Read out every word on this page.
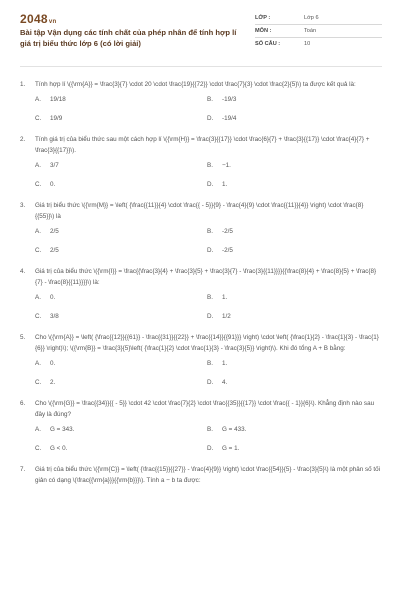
2048vn
Bài tập Vận dụng các tính chất của phép nhân để tính hợp lí giá trị biểu thức lớp 6 (có lời giải)
LỚP :	Lớp 6
MÔN :	Toán
SỐ CÂU :	10
1.	Tính hợp lí \({\rm{A}} = \frac{3}{7} \cdot 20 \cdot \frac{19}{{72}} \cdot \frac{7}{3} \cdot \frac{2}{5}\) ta được kết quả là:
A. 19/18	B. -19/3
C. 19/9	D. -19/4
2.	Tính giá trị của biểu thức sau một cách hợp lí \({\rm{H}} = \frac{3}{{17}} \cdot \frac{6}{7} + \frac{3}{{17}} \cdot \frac{4}{7} + \frac{3}{{17}}\).
A. 3/7	B. −1.
C. 0.	D. 1.
3.	Giá trị biểu thức \({\rm{M}} = \left( {\frac{{11}}{4} \cdot \frac{{ - 5}}{9} - \frac{4}{9} \cdot \frac{{11}}{4}} \right) \cdot \frac{8}{{55}}\) là
A. 2/5	B. -2/5
C. 2/5	D. -2/5
4.	Giá trị của biểu thức \({\rm{I}} = \frac{{\frac{3}{4} + \frac{3}{5} + \frac{3}{7} - \frac{3}{{11}}}}{{\frac{8}{4} + \frac{8}{5} + \frac{8}{7} - \frac{8}{{11}}}}\) là:
A. 0.	B. 1.
C. 3/8	D. 1/2
5.	Cho \({\rm{A}} = \left( {\frac{{12}}{{61}} - \frac{{31}}{{22}} + \frac{{14}}{{91}}} \right) \cdot \left( {\frac{1}{2} - \frac{1}{3} - \frac{1}{6}} \right)\); \({\rm{B}} = \frac{3}{5}\left( {\frac{1}{2} \cdot \frac{1}{3} - \frac{3}{5}} \right)\). Khi đó tổng A + B bằng:
A. 0.	B. 1.
C. 2.	D. 4.
6.	Cho \({\rm{G}} = \frac{{34}}{{ - 5}} \cdot 42 \cdot \frac{7}{2} \cdot \frac{{35}}{{17}} \cdot \frac{{ - 1}}{6}\). Khẳng định nào sau đây là đúng?
A. G = 343.	B. G = 433.
C. G < 0.	D. G = 1.
7.	Giá trị của biểu thức \({\rm{C}} = \left( {\frac{{15}}{{27}} - \frac{4}{9}} \right) \cdot \frac{{54}}{5} - \frac{3}{5}\) là một phân số tối giản có dạng \(\frac{{\rm{a}}}{{\rm{b}}}\). Tính a − b ta được:
